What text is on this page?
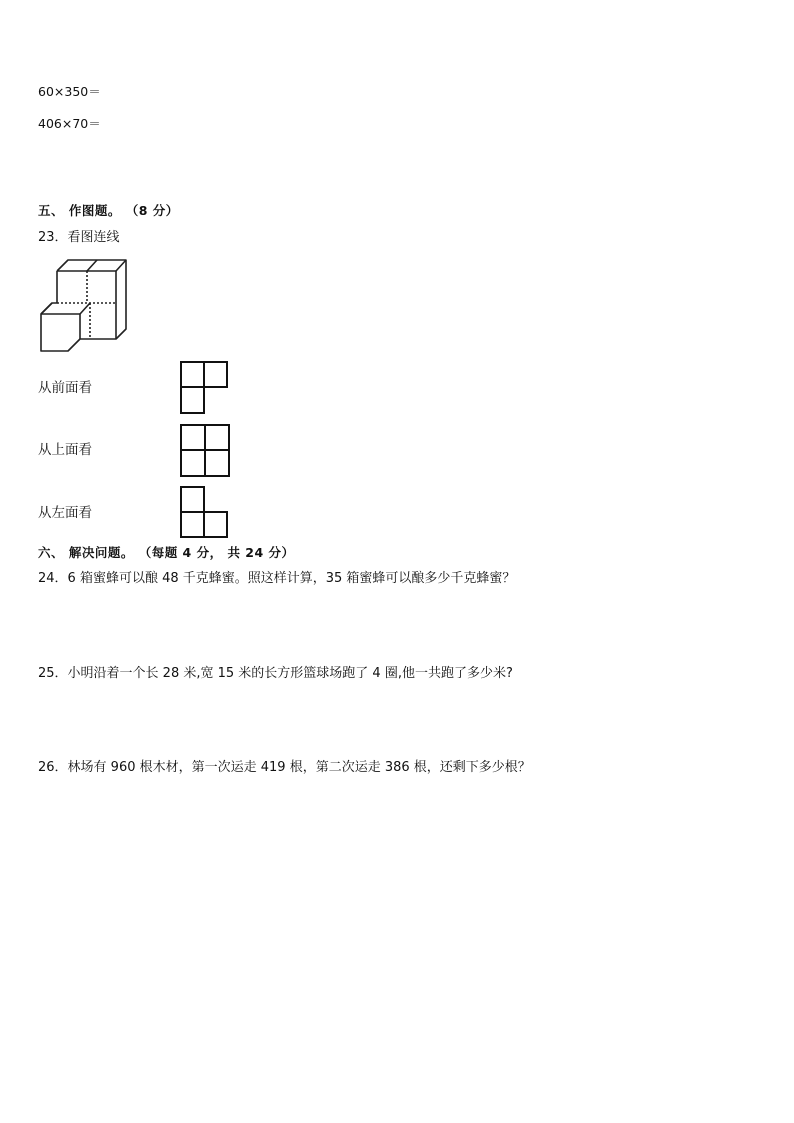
60×350＝
406×70＝
五、 作图题。 （8 分）
23．看图连线
从前面看
从上面看
从左面看
六、 解决问题。 （每题 4 分， 共 24 分）
24．6 箱蜜蜂可以酿 48 千克蜂蜜。照这样计算，35 箱蜜蜂可以酿多少千克蜂蜜？
25．小明沿着一个长 28 米,宽 15 米的长方形篮球场跑了 4 圈,他一共跑了多少米?
26．林场有 960 根木材，第一次运走 419 根，第二次运走 386 根，还剩下多少根？
